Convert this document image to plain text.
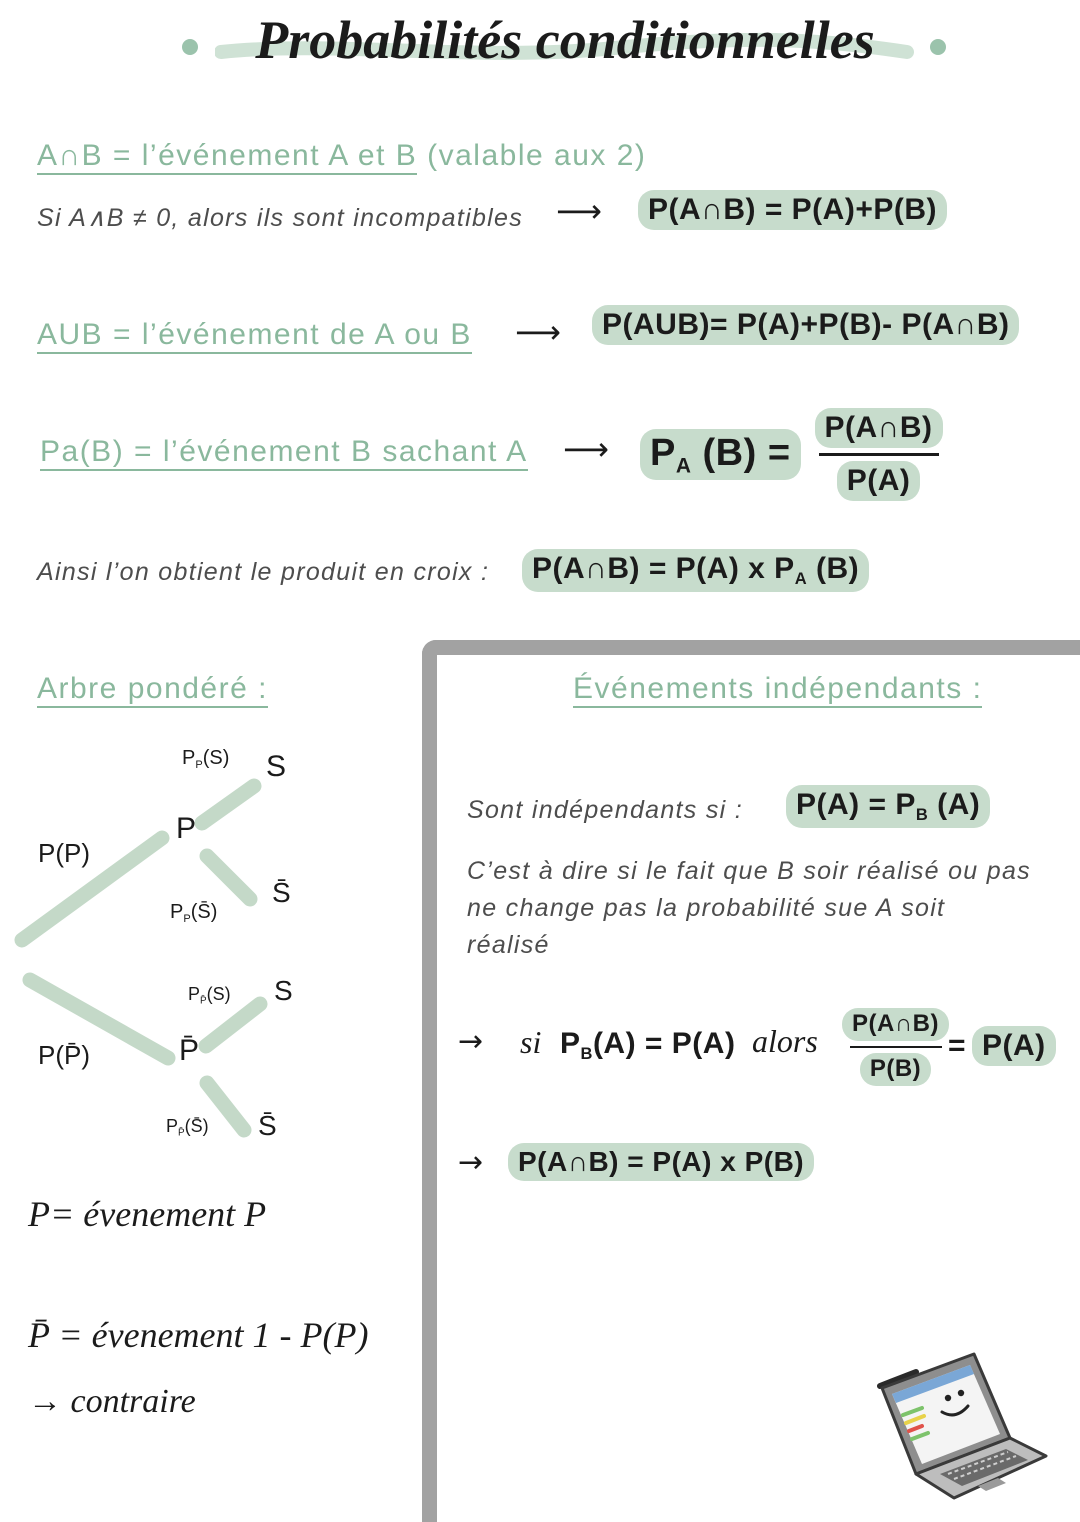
Probabilités conditionnelles
A∩B = l’événement A et B (valable aux 2)
Si A∧B ≠ 0, alors ils sont incompatibles ⟶	P(A∩B) = P(A)+P(B)
AUB = l’événement de A ou B ⟶	P(AUB)= P(A)+P(B)- P(A∩B)
Pa(B) = l’événement B sachant A ⟶ $P_A$ $(B) = \frac{P(A\cap B)}{P(A)}$
Ainsi l’on obtient le produit en croix :	P(A∩B) = P(A) x $P_A$ (B)
Arbre pondéré :
P(P)
P
$P_P(S)$ S
S̄
$P_P(S̄)$
$P_{P̄}(S)$ S
P(P̄)	P̄
$P_{P̄}(S̄)$ S̄
P= évenement P
P̄ = évenement 1 - P(P)
→ contraire
Événements indépendants :
Sont indépendants si :	$P(A) = P_B$ (A)
C’est à dire si le fait que B soir réalisé ou pas
ne change pas la probabilité sue A soit
réalisé
→ si $P_B(A) = P(A)$ alors	P(A∩B)
P(B)
= P(A)
→	P(A∩B) = P(A) x P(B)
